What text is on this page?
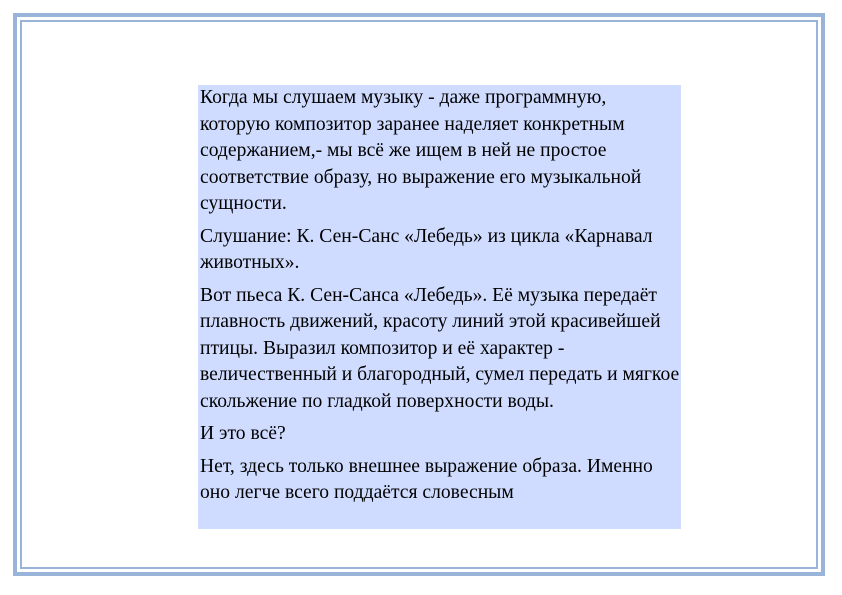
Когда мы слушаем музыку - даже программную, которую композитор заранее наделяет конкретным содержанием,- мы всё же ищем в ней не простое соответствие образу, но выражение его музыкальной сущности.

Слушание: К. Сен-Санс «Лебедь» из цикла «Карнавал животных».

Вот пьеса К. Сен-Санса «Лебедь». Её музыка передаёт плавность движений, красоту линий этой красивейшей птицы. Выразил композитор и её характер - величественный и благородный, сумел передать и мягкое скольжение по гладкой поверхности воды.

И это всё?

Нет, здесь только внешнее выражение образа. Именно оно легче всего поддаётся словесным
